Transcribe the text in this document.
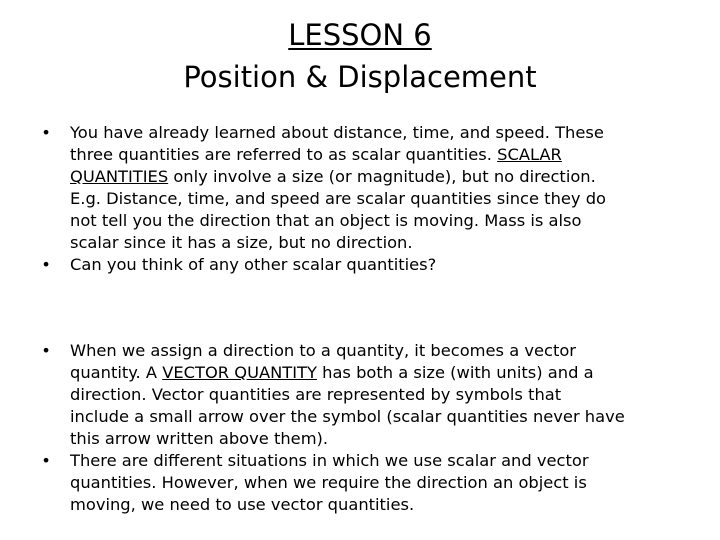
LESSON 6
Position & Displacement
• You have already learned about distance, time, and speed. These
three quantities are referred to as scalar quantities. SCALAR
QUANTITIES only involve a size (or magnitude), but no direction.
E.g. Distance, time, and speed are scalar quantities since they do
not tell you the direction that an object is moving. Mass is also
scalar since it has a size, but no direction.
• Can you think of any other scalar quantities?
• When we assign a direction to a quantity, it becomes a vector
quantity. A VECTOR QUANTITY has both a size (with units) and a
direction. Vector quantities are represented by symbols that
include a small arrow over the symbol (scalar quantities never have
this arrow written above them).
• There are different situations in which we use scalar and vector
quantities. However, when we require the direction an object is
moving, we need to use vector quantities.
